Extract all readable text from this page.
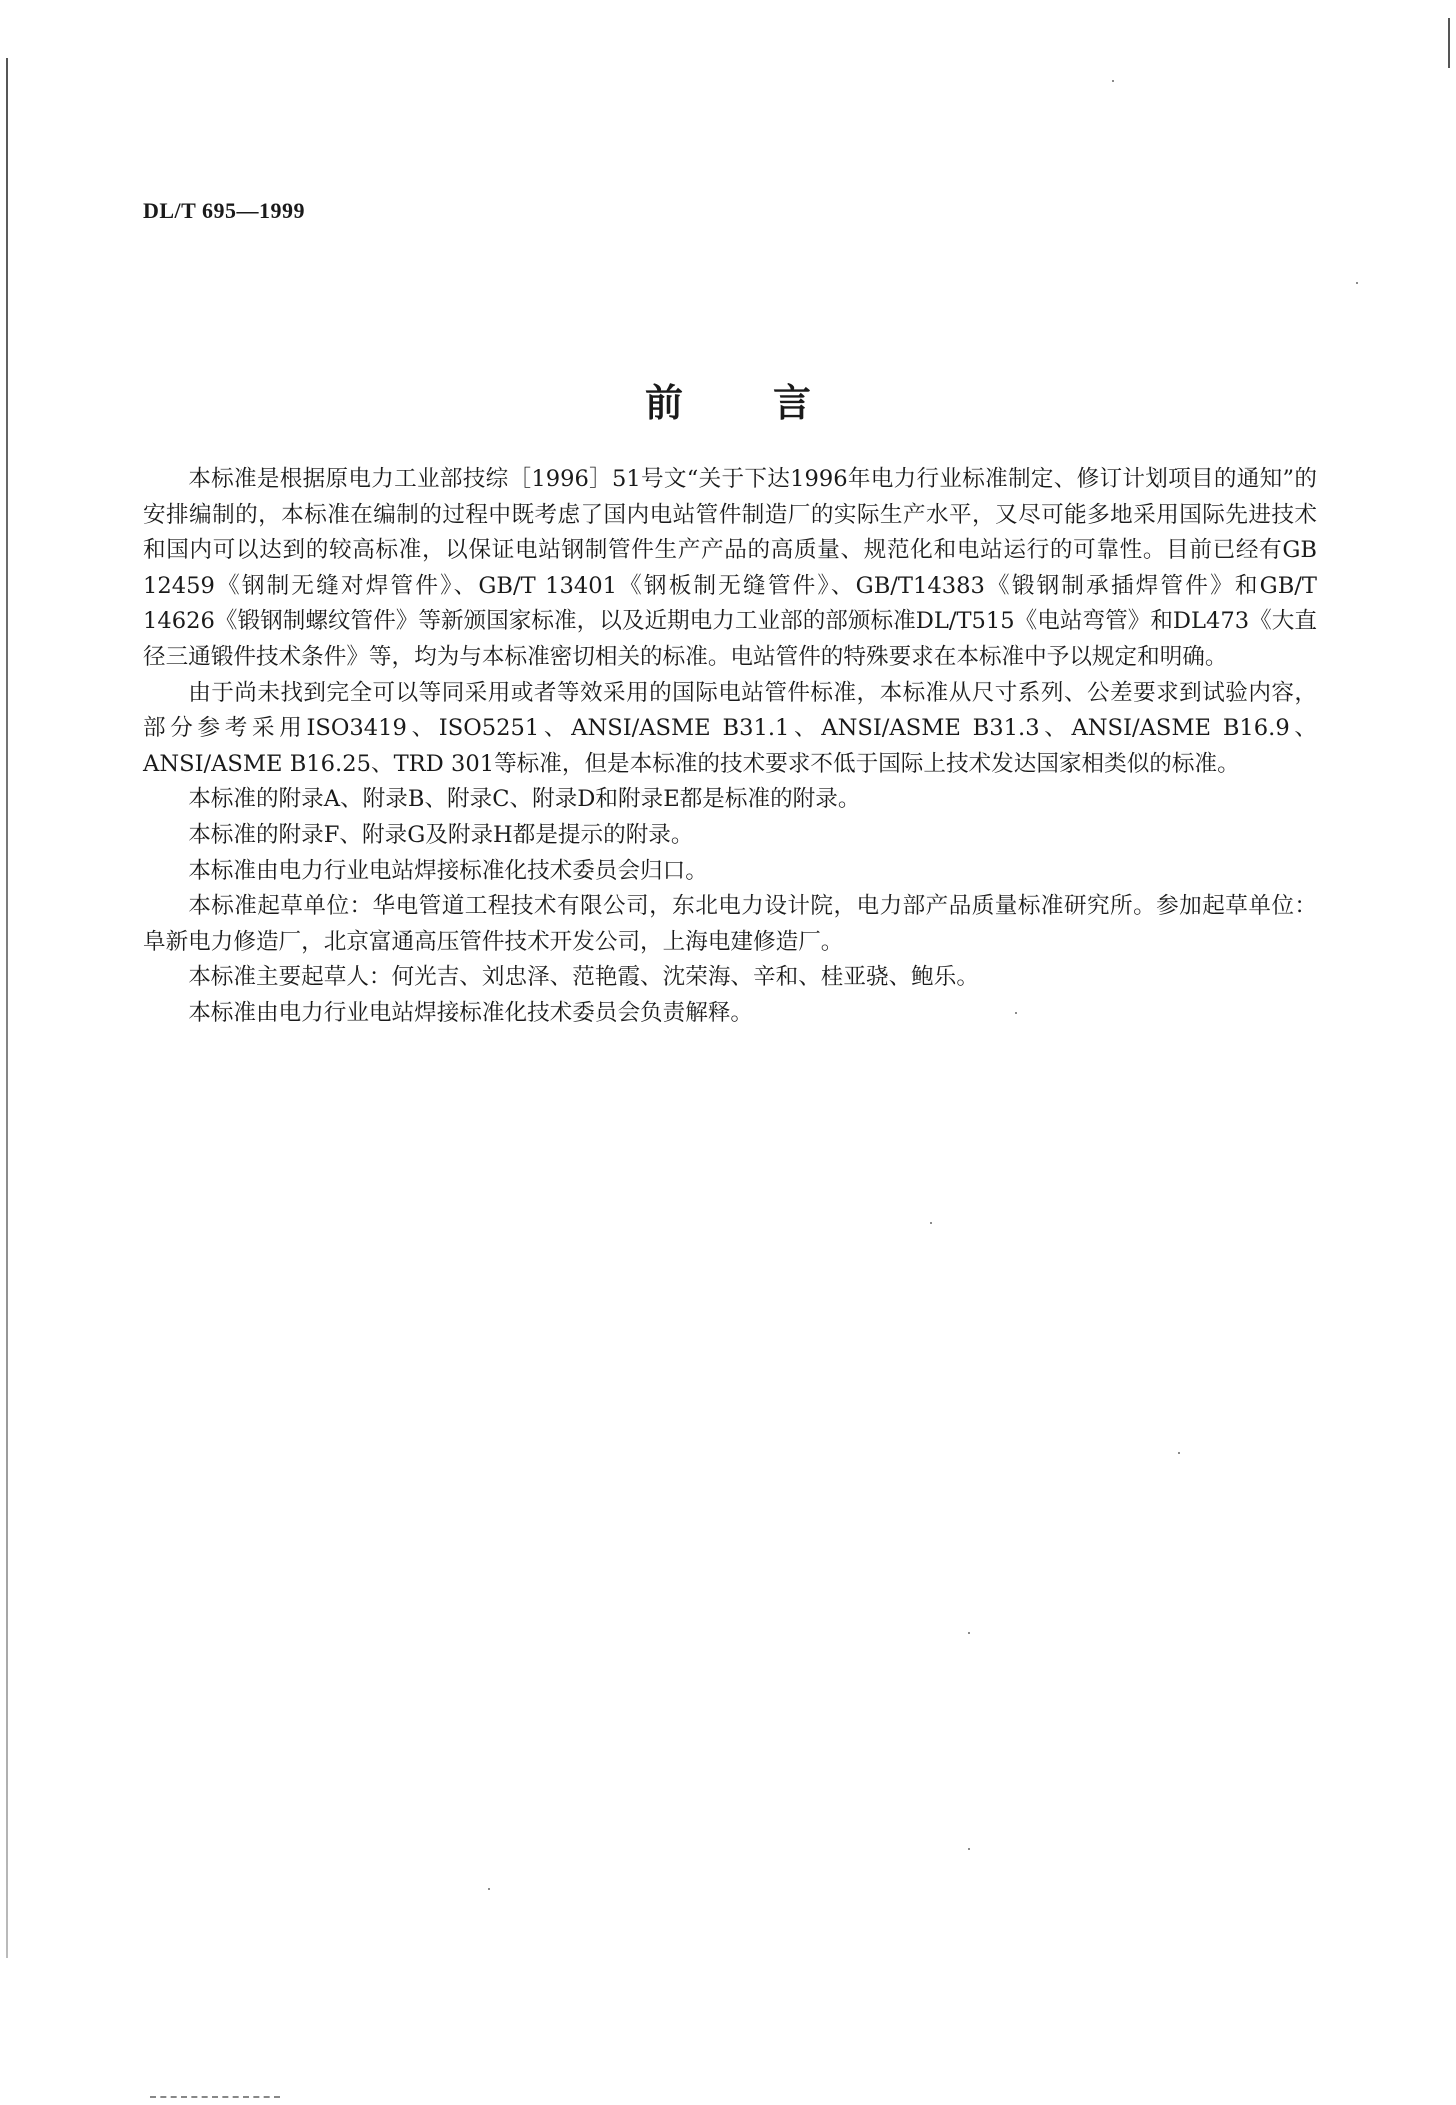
DL/T 695—1999
前言

本标准是根据原电力工业部技综［1996］51号文“关于下达1996年电力行业标准制定、修订计划项目的通知”的安排编制的，本标准在编制的过程中既考虑了国内电站管件制造厂的实际生产水平，又尽可能多地采用国际先进技术和国内可以达到的较高标准，以保证电站钢制管件生产产品的高质量、规范化和电站运行的可靠性。目前已经有GB 12459《钢制无缝对焊管件》、GB/T 13401《钢板制无缝管件》、GB/T14383《锻钢制承插焊管件》和GB/T 14626《锻钢制螺纹管件》等新颁国家标准，以及近期电力工业部的部颁标准DL/T515《电站弯管》和DL473《大直径三通锻件技术条件》等，均为与本标准密切相关的标准。电站管件的特殊要求在本标准中予以规定和明确。

由于尚未找到完全可以等同采用或者等效采用的国际电站管件标准，本标准从尺寸系列、公差要求到试验内容，部分参考采用ISO3419、ISO5251、ANSI/ASME B31.1、ANSI/ASME B31.3、ANSI/ASME B16.9、ANSI/ASME B16.25、TRD 301等标准，但是本标准的技术要求不低于国际上技术发达国家相类似的标准。

本标准的附录A、附录B、附录C、附录D和附录E都是标准的附录。

本标准的附录F、附录G及附录H都是提示的附录。

本标准由电力行业电站焊接标准化技术委员会归口。

本标准起草单位：华电管道工程技术有限公司，东北电力设计院，电力部产品质量标准研究所。参加起草单位：阜新电力修造厂，北京富通高压管件技术开发公司，上海电建修造厂。

本标准主要起草人：何光吉、刘忠泽、范艳霞、沈荣海、辛和、桂亚骁、鲍乐。

本标准由电力行业电站焊接标准化技术委员会负责解释。
